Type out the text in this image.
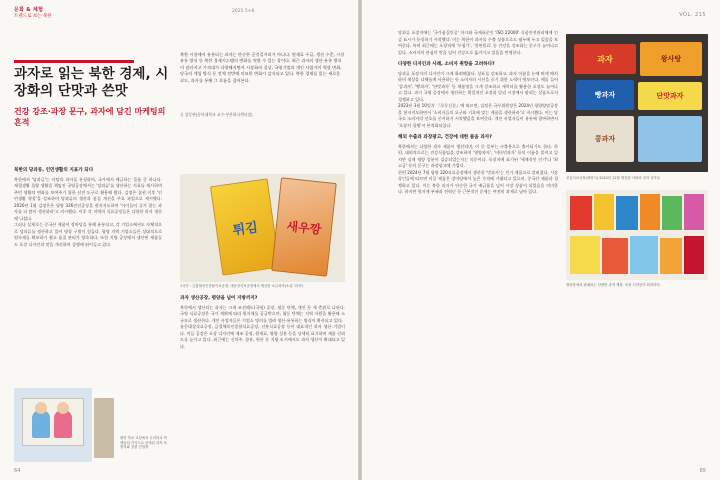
문화 & 체험
트렌드로 보는 북한
2025 5+6
과자로 읽는 북한 경제, 시장화의 단맛과 쓴맛
건강 강조·과장 문구, 과자에 담긴 마케팅의 흔적
북한 시장에서 유통되는 과자는 단순한 군것질거리가 아니다. 원재료 수급, 생산 수준, 시장 유통 방식 등 북한 경제시스템의 변화를 엿볼 수 있는 창이다. 최근 과자의 생산·유통 방식이 달라지고 가격대가 다양해지면서 시장화의 실상, 국영기업과 개인 사업자의 역할 변화, 당국의 개입 방식 등 전체 전반에 미묘한 변화가 감지되고 있다. 북한 경제를 읽는 새로운 코드, 과자를 통해 그 흐름을 짚어본다.
글 강동완(동아대학교 교수·부산하나센터장)
북한의 당과류, 인민생활의 지표가 되다
북한에서 '당과류'는 사탕과 과자를 통칭하며, 국가에서 배급하는 물품 중 하나다. 제철생활 물량 생활을 책임진 국영공장에서는 '당과류'를 생산하는 지표를 제시하며 주민 생활의 변화를 보여주기 위한 선전 도구로 활용해 왔다. 김정은 집권 이후 '인민생활 향상'을 강조하며 당과류의 생산과 품질 개선을 주요 과업으로 제시했다. 2020년 1월 김정은은 평양 326전선공장을 현지지도하며 '아이들이 즐겨 찾는 과자를 더 많이 생산하라'고 지시했다. 이후 각 지역의 식료공장들은 다양한 과자 생산에 나섰다.
그러나 실제로는 중국산 제품이 장마당을 통해 유통되고, 각 기업소에서도 자체적으로 당과류를 생산하고 있어 명칭 구별이 힘들다. 평양 지역 기업소들은 상대적으로 원자재를 확보하기 쉽고 품질 관리가 양호하다. 또한 지방 공장에서 생산된 제품들도 포장 디자인과 맛을 개선하며 경쟁에 뛰어들고 있다.
튀김 새우깡
1사진 : 금컵체육인종합식료공장, 대동강식료공장에서 생산한 소금과자(소위 '과자')
과자 생산공장, 평양을 넘어 지방까지?
북한에서 생산되는 과자는 크게 조선해도(국영) 공장, 협동 단체, 개인 등 세 층위로 나뉜다. 국영 식료공장은 국가 계획에 따라 원자재를 공급받으며, 협동 단체는 지역 자원을 활용해 소규모로 생산한다. 개인 사업자들은 기업소 명의를 빌려 생산·유통하는 방식이 확산되고 있다.
유동대성식료공장, 금컵체육인종합식료공장, 선흥식료공장 등이 대표적인 과자 생산 기업이다. 이들 공장은 포장 디자인에 제조 공정, 원재료, 영양 성분 등을 상세히 표기하며 제품 신뢰도를 높이고 있다. 최근에는 신의주, 함흥, 원산 등 지방 도시에서도 과자 생산이 확대되고 있다.
평양 학교 교실에서 우리학교 학생들의 간식으로 준비된 과자 포장지와 상품 진열장
64
VOL. 215
당과류 포장지에는 '국가품질인증' 마크와 국제표준인 'ISO 22000' 식품안전관리체계 인증 표시가 등장하기 시작했다. 이는 북한이 과자를 수출 상품으로도 염두에 두고 있음을 보여준다. 특히 최근에는 포장지에 '무첨가', '천연원료' 등 건강을 강조하는 문구가 늘어나고 있다. 소비자의 관심이 맛을 넘어 건강으로 옮겨가고 있음을 반영한다.
다양한 디자인과 사례, 소비자 취향을 고려하다?
당과류 포장지의 디자인이 크게 화려해졌다. 상표를 강조하고, 과자 이름을 눈에 띄게 배치하며 색상을 다채롭게 사용하는 등 소비자의 시선을 끌기 위한 노력이 엿보인다. 예를 들어 '콩과자', '빵과자', '단맛과자' 등 제품명을 크게 강조하고 캐릭터를 활용한 포장도 늘어나고 있다. 과거 국영 공장에서 생산하는 획일적인 포장과 달리 시장에서 팔리는 상품으로서 경쟁하고 있다.
2023년 3월 10일자 『로동신문』에 따르면, 김정은 국무위원장은 2024년 평양양말공장을 현지지도하면서 '소비자들의 요구와 기호에 맞는 제품을 생산하라'고 지시했다. 이는 당국도 소비자의 선호를 중시하기 시작했음을 보여준다. 개인 사업자들이 유통에 참여하면서 '포장지 경쟁'이 본격화되었다.
해외 수출과 과장광고, 건강에 대한 물음 과자?
북한에서는 다양한 과자 제품이 생산되며, 이 중 일부는 수출용으로 출시되기도 한다. 한편, 대외적으로는 건강식품임을 강조하며 '영양과자', '비타민과자' 등의 이름을 붙이고 있지만 실제 영양 성분이 검증되었는지는 의문이다. 포장지에 표기된 '세계적인 인기'나 '최고급' 등의 문구는 과장광고에 가깝다.
한편 2024년 7월 평양 320식료공장에서 생산한 '맛과자'는 인기 제품으로 알려졌다. 시장 상인들에 따르면 이들 제품은 장마당에서 높은 가격에 거래되고 있으며, 중국산 제품과 경쟁하고 있다. 이는 북한 과자가 단순한 국가 배급품을 넘어 시장 상품이 되었음을 의미한다. 하지만 원자재 부족과 전력난 등 근본적인 문제는 여전히 과제로 남아 있다.
과자	왕사탕
빵과자	단맛과자
콩과자
선흥식료공장(평양시) 2024년 12월 생산된 사탕과 과자 상자들
장마당에서 판매되는 다양한 과자 제품. 포장 디자인이 화려하다.
65
